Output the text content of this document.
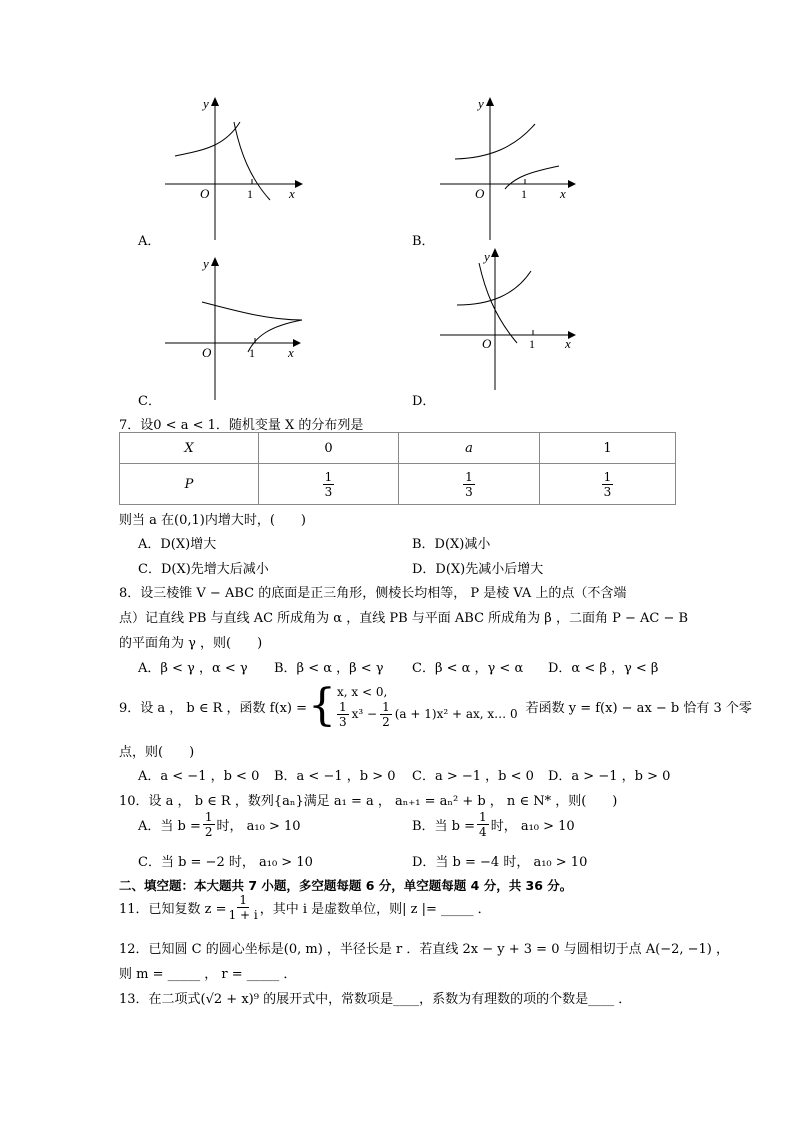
y
x
O	1
A．
y
x
O	1
B．
y
x
O	1
C．
y
x
O	1
D．
7．设0 < a < 1．随机变量 X 的分布列是
X	0	a	1
P	$\frac{1}{3}$	$\frac{1}{3}$	$\frac{1}{3}$
则当 a 在(0,1)内增大时，(　　)
A．D(X)增大	B．D(X)减小
C．D(X)先增大后减小	D．D(X)先减小后增大
8．设三棱锥 V − ABC 的底面是正三角形，侧棱长均相等， P 是棱 VA 上的点（不含端
点）记直线 PB 与直线 AC 所成角为 α ，直线 PB 与平面 ABC 所成角为 β ，二面角 P − AC − B
的平面角为 γ ，则(　　)
A．β < γ ，α < γ B．β < α ，β < γ C．β < α ，γ < α D．α < β ，γ < β
9．设 a ， b ∈ R ，函数 f(x) = { x, x < 0,
$\frac{1}{3} x^3 - \frac{1}{2} (a + 1)x^2$ + ax, x… 0 若函数 y = f(x) − ax − b 恰有 3 个零
点，则(　　)
A．a < −1 ，b < 0 B．a < −1 ，b > 0 C．a > −1 ，b < 0 D．a > −1 ，b > 0
10．设 a ， b ∈ R ，数列{aₙ}满足 a₁ = a ， aₙ₊₁ = aₙ² + b ， n ∈ N* ，则(　　)
A．当 $b = \frac{1}{2}$ 时， a₁₀ > 10	B．当 $b = \frac{1}{4}$ 时， a₁₀ > 10
C．当 b = −2 时， a₁₀ > 10	D．当 b = −4 时， a₁₀ > 10
二、填空题：本大题共 7 小题，多空题每题 6 分，单空题每题 4 分，共 36 分。
11．已知复数 $z = \frac{1}{1 + i}$ ，其中 i 是虚数单位，则| z |= _____ ．
12．已知圆 C 的圆心坐标是(0, m) ，半径长是 r ．若直线 2x − y + 3 = 0 与圆相切于点 A(−2, −1) ，
则 m = _____ ， r = _____ ．
13．在二项式(√2 + x)⁹ 的展开式中，常数项是____，系数为有理数的项的个数是____ ．
